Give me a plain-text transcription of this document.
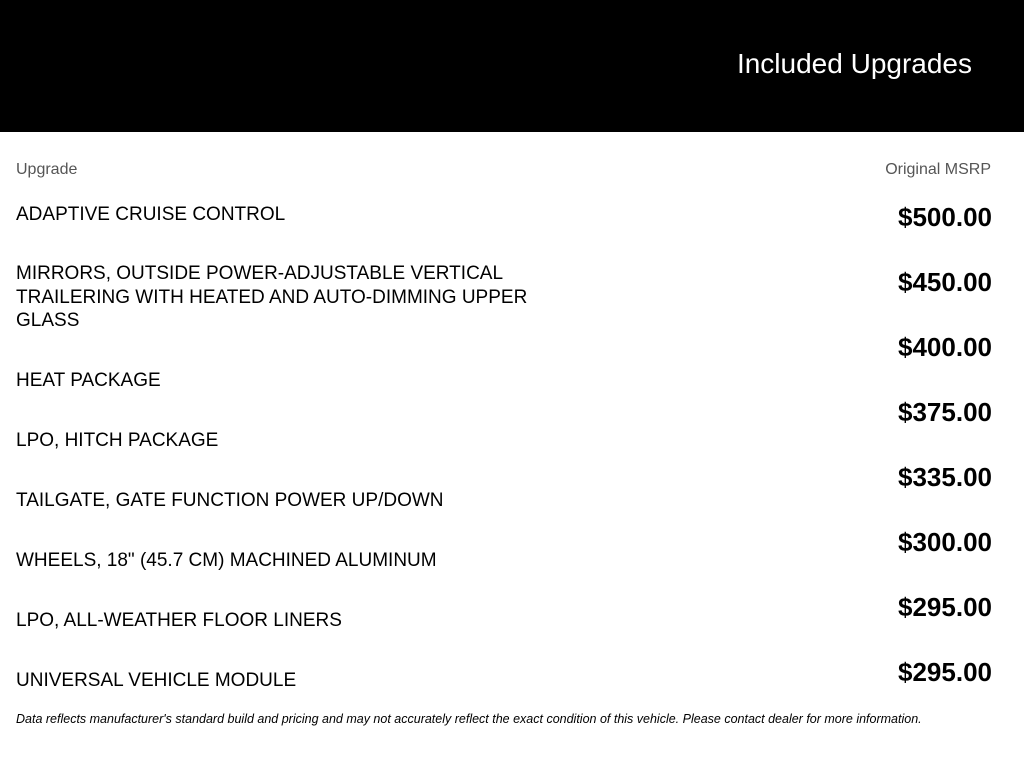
Included Upgrades
Upgrade	Original MSRP
ADAPTIVE CRUISE CONTROL
MIRRORS, OUTSIDE POWER-ADJUSTABLE VERTICAL TRAILERING WITH HEATED AND AUTO-DIMMING UPPER GLASS
HEAT PACKAGE
LPO, HITCH PACKAGE
TAILGATE, GATE FUNCTION POWER UP/DOWN
WHEELS, 18" (45.7 CM) MACHINED ALUMINUM
LPO, ALL-WEATHER FLOOR LINERS
UNIVERSAL VEHICLE MODULE
$500.00
$450.00
$400.00
$375.00
$335.00
$300.00
$295.00
$295.00
Data reflects manufacturer's standard build and pricing and may not accurately reflect the exact condition of this vehicle. Please contact dealer for more information.
